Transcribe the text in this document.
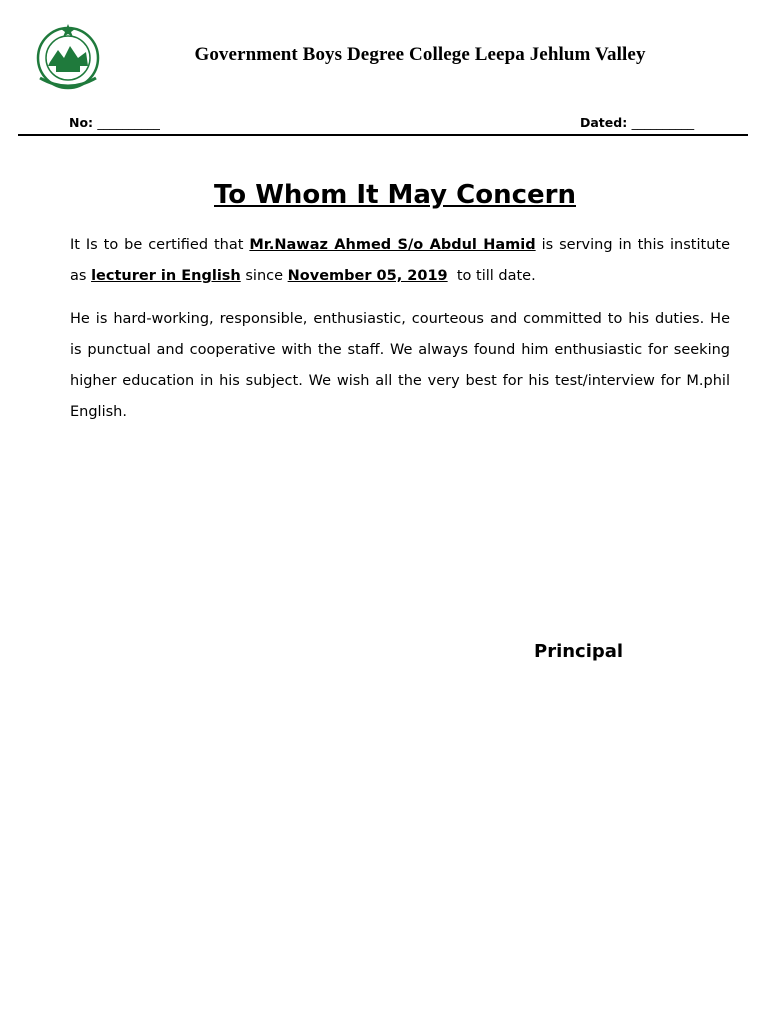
Government Boys Degree College Leepa Jehlum Valley
No: __________	Dated: __________
To Whom It May Concern
It Is to be certified that Mr.Nawaz Ahmed S/o Abdul Hamid is serving in this institute as lecturer in English since November 05, 2019  to till date.
He is hard-working, responsible, enthusiastic, courteous and committed to his duties. He is punctual and cooperative with the staff. We always found him enthusiastic for seeking higher education in his subject. We wish all the very best for his test/interview for M.phil English.
Principal
